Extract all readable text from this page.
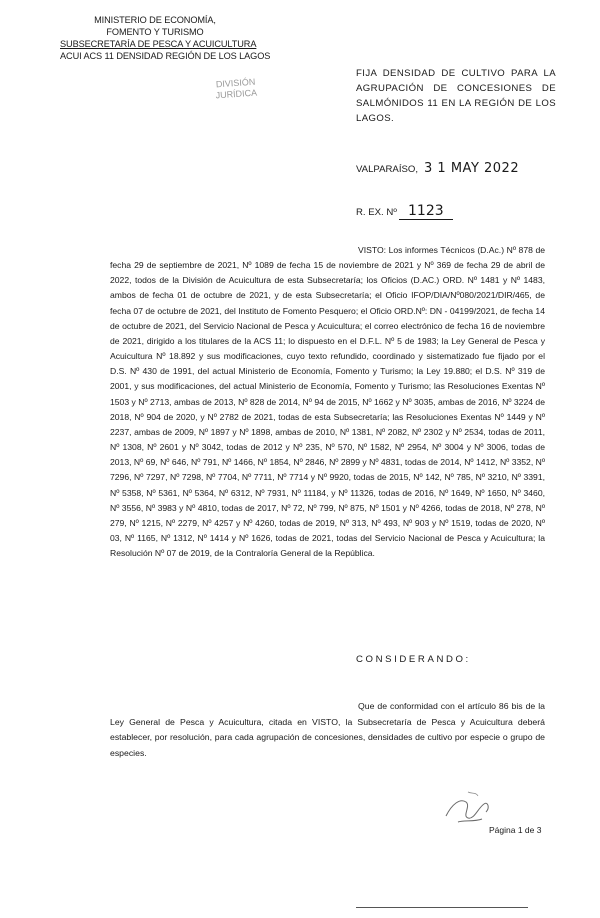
MINISTERIO DE ECONOMÍA,
FOMENTO Y TURISMO
SUBSECRETARÍA DE PESCA Y ACUICULTURA
ACUI ACS 11 DENSIDAD REGIÓN DE LOS LAGOS
DIVISIÓN
JURÍDICA
FIJA DENSIDAD DE CULTIVO PARA LA AGRUPACIÓN DE CONCESIONES DE SALMÓNIDOS 11 EN LA REGIÓN DE LOS LAGOS.
VALPARAÍSO, 3 1 MAY 2022
R. EX. Nº 1123
VISTO: Los informes Técnicos (D.Ac.) Nº 878 de fecha 29 de septiembre de 2021, Nº 1089 de fecha 15 de noviembre de 2021 y Nº 369 de fecha 29 de abril de 2022, todos de la División de Acuicultura de esta Subsecretaría; los Oficios (D.AC.) ORD. Nº 1481 y Nº 1483, ambos de fecha 01 de octubre de 2021, y de esta Subsecretaría; el Oficio IFOP/DIA/Nº080/2021/DIR/465, de fecha 07 de octubre de 2021, del Instituto de Fomento Pesquero; el Oficio ORD.Nº: DN - 04199/2021, de fecha 14 de octubre de 2021, del Servicio Nacional de Pesca y Acuicultura; el correo electrónico de fecha 16 de noviembre de 2021, dirigido a los titulares de la ACS 11; lo dispuesto en el D.F.L. Nº 5 de 1983; la Ley General de Pesca y Acuicultura Nº 18.892 y sus modificaciones, cuyo texto refundido, coordinado y sistematizado fue fijado por el D.S. Nº 430 de 1991, del actual Ministerio de Economía, Fomento y Turismo; la Ley 19.880; el D.S. Nº 319 de 2001, y sus modificaciones, del actual Ministerio de Economía, Fomento y Turismo; las Resoluciones Exentas Nº 1503 y Nº 2713, ambas de 2013, Nº 828 de 2014, Nº 94 de 2015, Nº 1662 y Nº 3035, ambas de 2016, Nº 3224 de 2018, Nº 904 de 2020, y Nº 2782 de 2021, todas de esta Subsecretaría; las Resoluciones Exentas Nº 1449 y Nº 2237, ambas de 2009, Nº 1897 y Nº 1898, ambas de 2010, Nº 1381, Nº 2082, Nº 2302 y Nº 2534, todas de 2011, Nº 1308, Nº 2601 y Nº 3042, todas de 2012 y Nº 235, Nº 570, Nº 1582, Nº 2954, Nº 3004 y Nº 3006, todas de 2013, Nº 69, Nº 646, Nº 791, Nº 1466, Nº 1854, Nº 2846, Nº 2899 y Nº 4831, todas de 2014, Nº 1412, Nº 3352, Nº 7296, Nº 7297, Nº 7298, Nº 7704, Nº 7711, Nº 7714 y Nº 9920, todas de 2015, Nº 142, Nº 785, Nº 3210, Nº 3391, Nº 5358, Nº 5361, Nº 5364, Nº 6312, Nº 7931, Nº 11184, y Nº 11326, todas de 2016, Nº 1649, Nº 1650, Nº 3460, Nº 3556, Nº 3983 y Nº 4810, todas de 2017, Nº 72, Nº 799, Nº 875, Nº 1501 y Nº 4266, todas de 2018, Nº 278, Nº 279, Nº 1215, Nº 2279, Nº 4257 y Nº 4260, todas de 2019, Nº 313, Nº 493, Nº 903 y Nº 1519, todas de 2020, Nº 03, Nº 1165, Nº 1312, Nº 1414 y Nº 1626, todas de 2021, todas del Servicio Nacional de Pesca y Acuicultura; la Resolución Nº 07 de 2019, de la Contraloría General de la República.
CONSIDERANDO:
Que de conformidad con el artículo 86 bis de la Ley General de Pesca y Acuicultura, citada en VISTO, la Subsecretaría de Pesca y Acuicultura deberá establecer, por resolución, para cada agrupación de concesiones, densidades de cultivo por especie o grupo de especies.
Página 1 de 3
